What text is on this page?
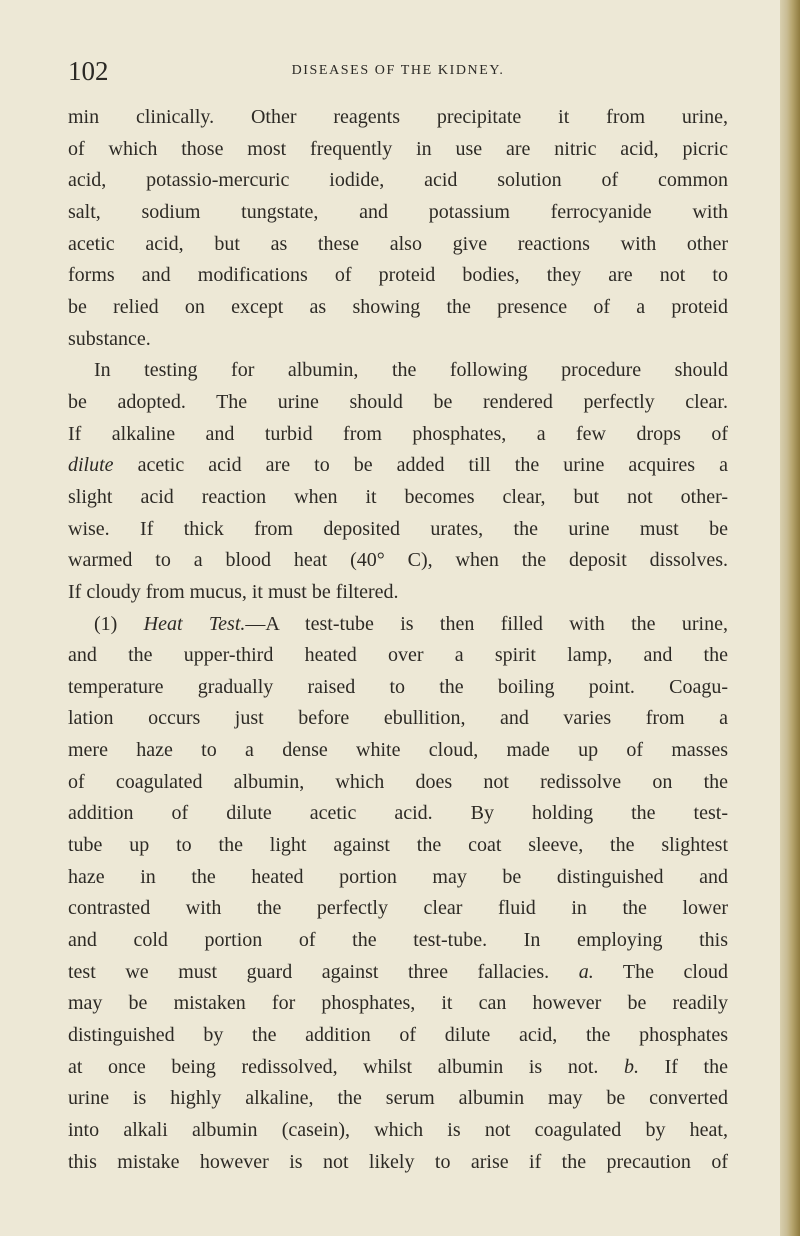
102	DISEASES OF THE KIDNEY.
min clinically. Other reagents precipitate it from urine,
of which those most frequently in use are nitric acid, picric
acid, potassio-mercuric iodide, acid solution of common
salt, sodium tungstate, and potassium ferrocyanide with
acetic acid, but as these also give reactions with other
forms and modifications of proteid bodies, they are not to
be relied on except as showing the presence of a proteid
substance.
In testing for albumin, the following procedure should
be adopted. The urine should be rendered perfectly clear.
If alkaline and turbid from phosphates, a few drops of
dilute acetic acid are to be added till the urine acquires a
slight acid reaction when it becomes clear, but not other-
wise. If thick from deposited urates, the urine must be
warmed to a blood heat (40° C), when the deposit dissolves.
If cloudy from mucus, it must be filtered.
(1) Heat Test.—A test-tube is then filled with the urine,
and the upper-third heated over a spirit lamp, and the
temperature gradually raised to the boiling point. Coagu-
lation occurs just before ebullition, and varies from a
mere haze to a dense white cloud, made up of masses
of coagulated albumin, which does not redissolve on the
addition of dilute acetic acid. By holding the test-
tube up to the light against the coat sleeve, the slightest
haze in the heated portion may be distinguished and
contrasted with the perfectly clear fluid in the lower
and cold portion of the test-tube. In employing this
test we must guard against three fallacies. a. The cloud
may be mistaken for phosphates, it can however be readily
distinguished by the addition of dilute acid, the phosphates
at once being redissolved, whilst albumin is not. b. If the
urine is highly alkaline, the serum albumin may be converted
into alkali albumin (casein), which is not coagulated by heat,
this mistake however is not likely to arise if the precaution of
